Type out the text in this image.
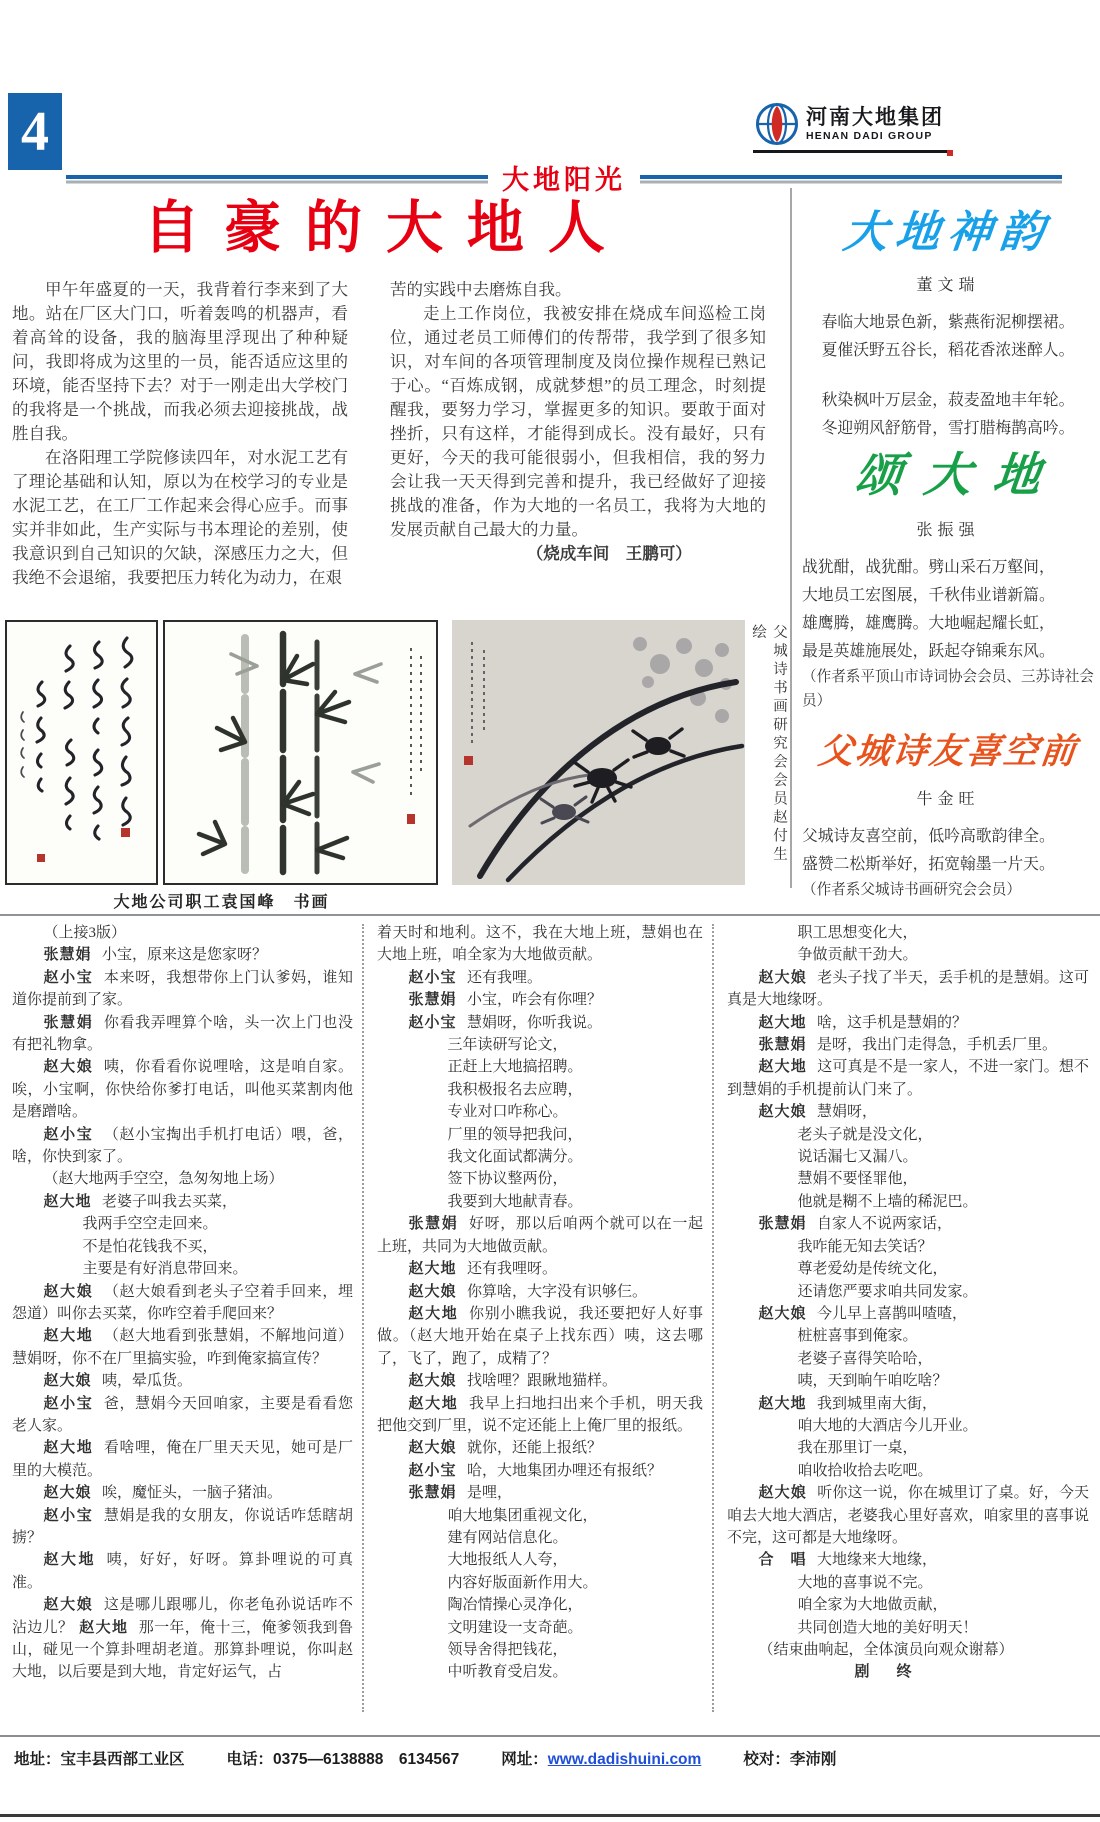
4
大地阳光
河南大地集团
HENAN DADI GROUP
自豪的大地人

甲午年盛夏的一天，我背着行李来到了大地。站在厂区大门口，听着轰鸣的机器声，看着高耸的设备，我的脑海里浮现出了种种疑问，我即将成为这里的一员，能否适应这里的环境，能否坚持下去？对于一刚走出大学校门的我将是一个挑战，而我必须去迎接挑战，战胜自我。

在洛阳理工学院修读四年，对水泥工艺有了理论基础和认知，原以为在校学习的专业是水泥工艺，在工厂工作起来会得心应手。而事实并非如此，生产实际与书本理论的差别，使我意识到自己知识的欠缺，深感压力之大，但我绝不会退缩，我要把压力转化为动力，在艰

苦的实践中去磨炼自我。

走上工作岗位，我被安排在烧成车间巡检工岗位，通过老员工师傅们的传帮带，我学到了很多知识，对车间的各项管理制度及岗位操作规程已熟记于心。“百炼成钢，成就梦想”的员工理念，时刻提醒我，要努力学习，掌握更多的知识。要敢于面对挫折，只有这样，才能得到成长。没有最好，只有更好，今天的我可能很弱小，但我相信，我的努力会让我一天天得到完善和提升，我已经做好了迎接挑战的准备，作为大地的一名员工，我将为大地的发展贡献自己最大的力量。

（烧成车间　王鹏可）

大地神韵
董文瑞

春临大地景色新，紫燕衔泥柳摆裙。

夏催沃野五谷长，稻花香浓迷醉人。

秋染枫叶万层金，菽麦盈地丰年轮。

冬迎朔风舒筋骨，雪打腊梅鹊高吟。

颂大地
张振强

战犹酣，战犹酣。劈山采石万壑间，

大地员工宏图展，千秋伟业谱新篇。

雄鹰腾，雄鹰腾。大地崛起耀长虹，

最是英雄施展处，跃起夺锦乘东风。

（作者系平顶山市诗词协会会员、三苏诗社会员）

父城诗友喜空前
牛金旺

父城诗友喜空前，低吟高歌韵律全。

盛赞二松斯举好，拓宽翰墨一片天。

（作者系父城诗书画研究会会员）

父城诗书画研究会会员赵付生　绘
大地公司职工袁国峰　书画

（上接3版）

张慧娟 小宝，原来这是您家呀？

赵小宝 本来呀，我想带你上门认爹妈，谁知道你提前到了家。

张慧娟 你看我弄哩算个啥，头一次上门也没有把礼物拿。

赵大娘 咦，你看看你说哩啥，这是咱自家。唉，小宝啊，你快给你爹打电话，叫他买菜割肉他是磨蹭啥。

赵小宝 （赵小宝掏出手机打电话）喂，爸，啥，你快到家了。

（赵大地两手空空，急匆匆地上场）

赵大地 老婆子叫我去买菜，

我两手空空走回来。
不是怕花钱我不买，
主要是有好消息带回来。

赵大娘 （赵大娘看到老头子空着手回来，埋怨道）叫你去买菜，你咋空着手爬回来？

赵大地 （赵大地看到张慧娟，不解地问道）慧娟呀，你不在厂里搞实验，咋到俺家搞宣传？

赵大娘 咦，晕瓜货。

赵小宝 爸，慧娟今天回咱家，主要是看看您老人家。

赵大地 看啥哩，俺在厂里天天见，她可是厂里的大模范。

赵大娘 唉，魔怔头，一脑子猪油。

赵小宝 慧娟是我的女朋友，你说话咋恁瞎胡掳？

赵大地 咦，好好，好呀。算卦哩说的可真准。

赵大娘 这是哪儿跟哪儿，你老龟孙说话咋不沾边儿？ 赵大地 那一年，俺十三，俺爹领我到鲁山，碰见一个算卦哩胡老道。那算卦哩说，你叫赵大地，以后要是到大地，肯定好运气，占

着天时和地利。这不，我在大地上班，慧娟也在大地上班，咱全家为大地做贡献。

赵小宝 还有我哩。

张慧娟 小宝，咋会有你哩？

赵小宝 慧娟呀，你听我说。

三年读研写论文，
正赶上大地搞招聘。
我积极报名去应聘，
专业对口咋称心。
厂里的领导把我问，
我文化面试都满分。
签下协议整两份，
我要到大地献青春。

张慧娟 好呀，那以后咱两个就可以在一起上班，共同为大地做贡献。

赵大地 还有我哩呀。

赵大娘 你算啥，大字没有识够仨。

赵大地 你别小瞧我说，我还要把好人好事做。（赵大地开始在桌子上找东西）咦，这去哪了，飞了，跑了，成精了？

赵大娘 找啥哩？跟瞅地猫样。

赵大地 我早上扫地扫出来个手机，明天我把他交到厂里，说不定还能上上俺厂里的报纸。

赵大娘 就你，还能上报纸？

赵小宝 哈，大地集团办哩还有报纸？

张慧娟 是哩，

咱大地集团重视文化，
建有网站信息化。
大地报纸人人夸，
内容好版面新作用大。
陶冶情操心灵净化，
文明建设一支奇葩。
领导舍得把钱花，
中听教育受启发。
职工思想变化大，
争做贡献干劲大。

赵大娘 老头子找了半天，丢手机的是慧娟。这可真是大地缘呀。

赵大地 啥，这手机是慧娟的？

张慧娟 是呀，我出门走得急，手机丢厂里。

赵大地 这可真是不是一家人，不进一家门。想不到慧娟的手机提前认门来了。

赵大娘 慧娟呀，

老头子就是没文化，
说话漏七又漏八。
慧娟不要怪罪他，
他就是糊不上墙的稀泥巴。

张慧娟 自家人不说两家话，

我咋能无知去笑话？
尊老爱幼是传统文化，
还请您严要求咱共同发家。

赵大娘 今儿早上喜鹊叫喳喳，

桩桩喜事到俺家。
老婆子喜得笑哈哈，
咦，天到晌午咱吃啥？

赵大地 我到城里南大街，

咱大地的大酒店今儿开业。
我在那里订一桌，
咱收拾收拾去吃吧。

赵大娘 听你这一说，你在城里订了桌。好，今天咱去大地大酒店，老婆我心里好喜欢，咱家里的喜事说不完，这可都是大地缘呀。

合　唱 大地缘来大地缘，

大地的喜事说不完。
咱全家为大地做贡献，
共同创造大地的美好明天！

（结束曲响起，全体演员向观众谢幕）

剧　终

地址：宝丰县西部工业区	电话：0375—6138888　6134567	网址：www.dadishuini.com	校对：李沛刚
